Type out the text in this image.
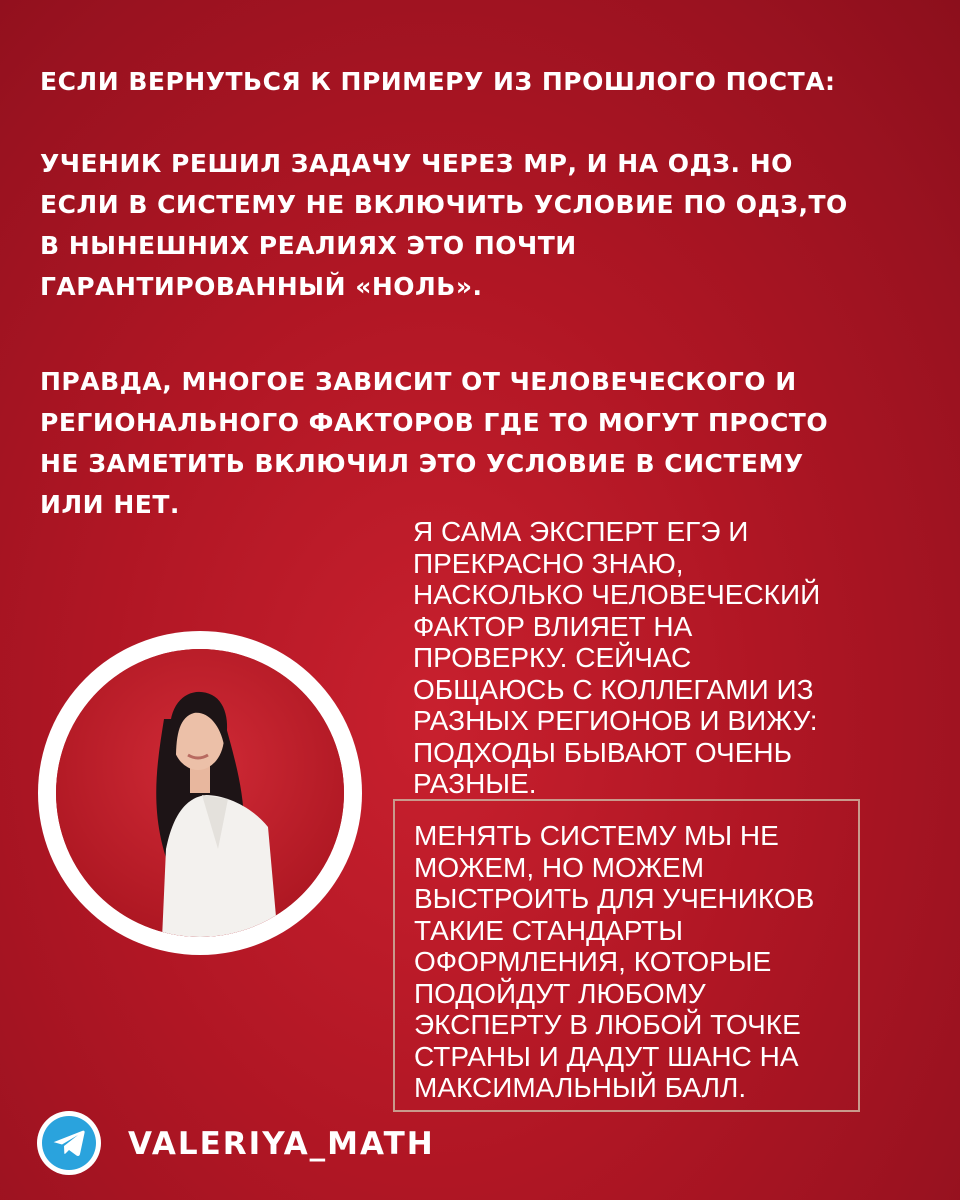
ЕСЛИ ВЕРНУТЬСЯ К ПРИМЕРУ ИЗ ПРОШЛОГО ПОСТА:
УЧЕНИК РЕШИЛ ЗАДАЧУ ЧЕРЕЗ МР, И НА ОДЗ. НО
ЕСЛИ В СИСТЕМУ НЕ ВКЛЮЧИТЬ УСЛОВИЕ ПО ОДЗ,ТО
В НЫНЕШНИХ РЕАЛИЯХ ЭТО ПОЧТИ
ГАРАНТИРОВАННЫЙ «НОЛЬ».
ПРАВДА, МНОГОЕ ЗАВИСИТ ОТ ЧЕЛОВЕЧЕСКОГО И
РЕГИОНАЛЬНОГО ФАКТОРОВ ГДЕ ТО МОГУТ ПРОСТО
НЕ ЗАМЕТИТЬ ВКЛЮЧИЛ ЭТО УСЛОВИЕ В СИСТЕМУ
ИЛИ НЕТ.
Я САМА ЭКСПЕРТ ЕГЭ И
ПРЕКРАСНО ЗНАЮ,
НАСКОЛЬКО ЧЕЛОВЕЧЕСКИЙ
ФАКТОР ВЛИЯЕТ НА
ПРОВЕРКУ. СЕЙЧАС
ОБЩАЮСЬ С КОЛЛЕГАМИ ИЗ
РАЗНЫХ РЕГИОНОВ И ВИЖУ:
ПОДХОДЫ БЫВАЮТ ОЧЕНЬ
РАЗНЫЕ.
МЕНЯТЬ СИСТЕМУ МЫ НЕ
МОЖЕМ, НО МОЖЕМ
ВЫСТРОИТЬ ДЛЯ УЧЕНИКОВ
ТАКИЕ СТАНДАРТЫ
ОФОРМЛЕНИЯ, КОТОРЫЕ
ПОДОЙДУТ ЛЮБОМУ
ЭКСПЕРТУ В ЛЮБОЙ ТОЧКЕ
СТРАНЫ И ДАДУТ ШАНС НА
МАКСИМАЛЬНЫЙ БАЛЛ.
VALERIYA_MATH
